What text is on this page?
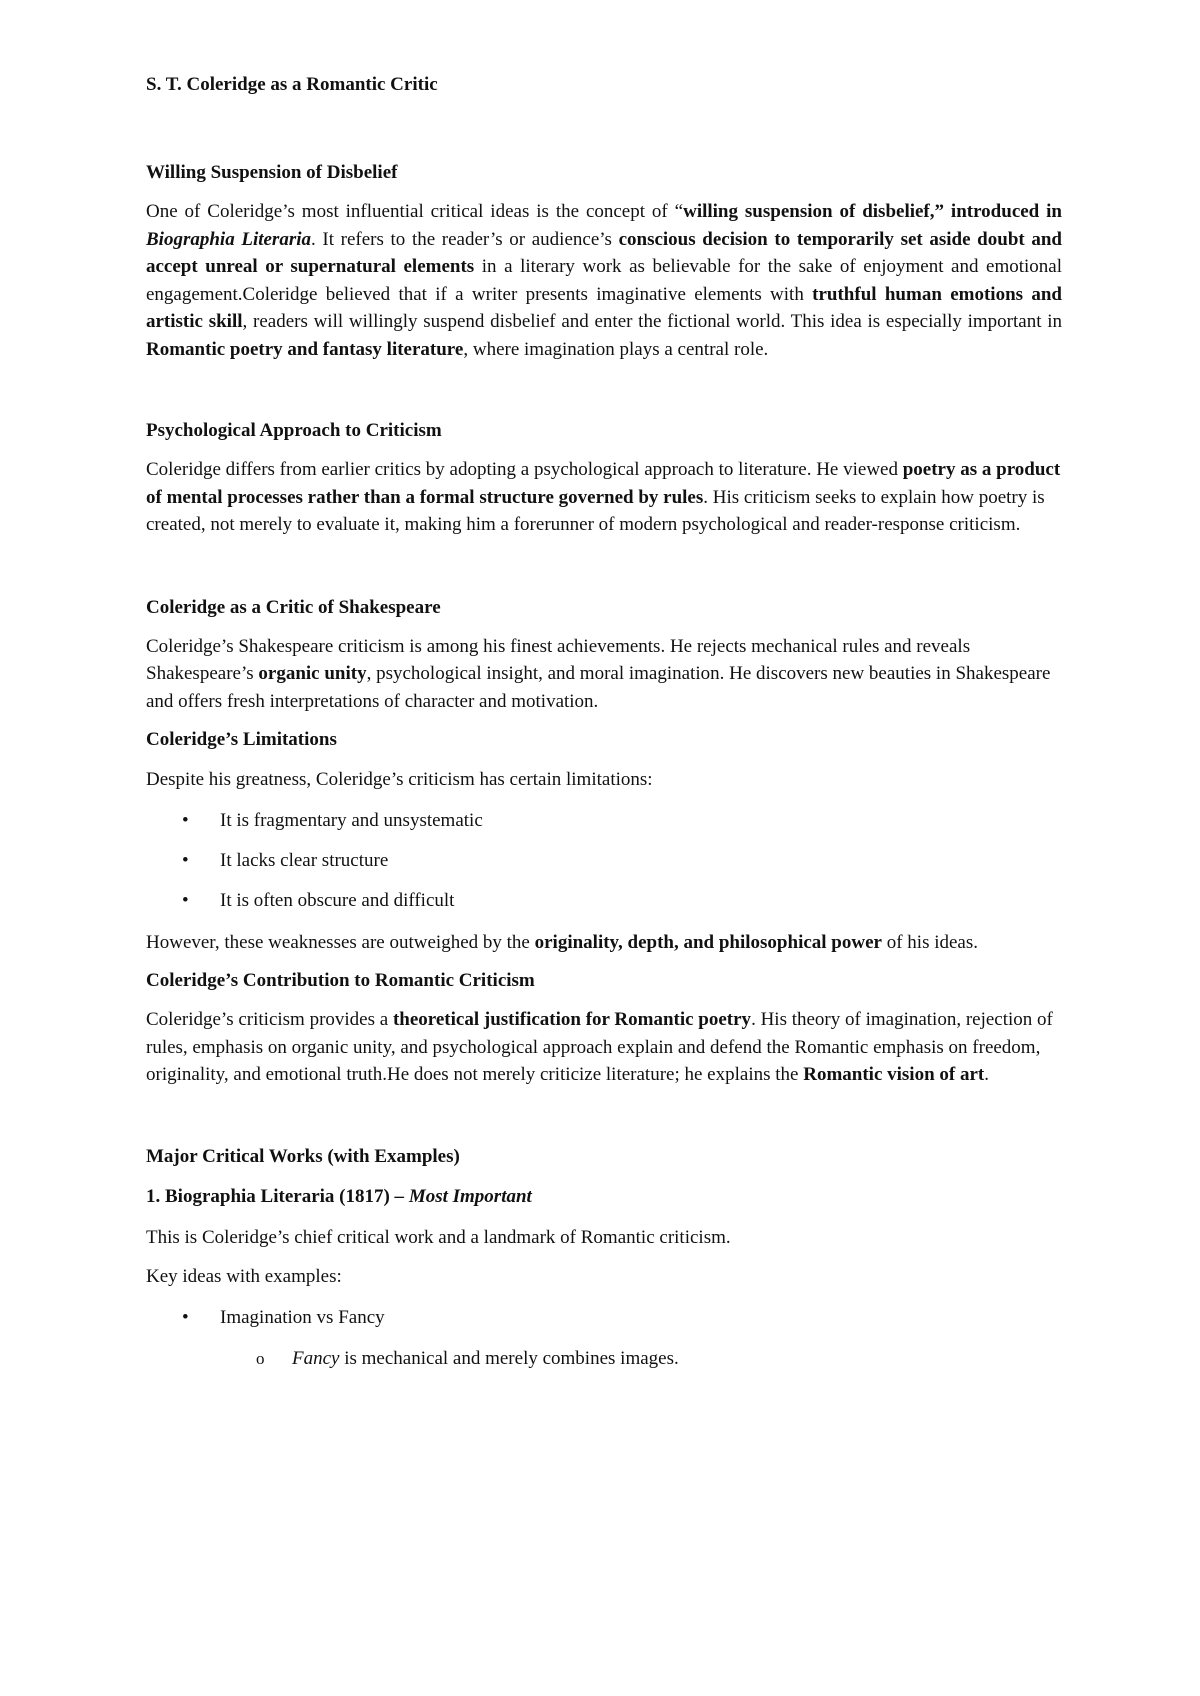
S. T. Coleridge as a Romantic Critic

Willing Suspension of Disbelief

One of Coleridge’s most influential critical ideas is the concept of “willing suspension of disbelief,” introduced in Biographia Literaria. It refers to the reader’s or audience’s conscious decision to temporarily set aside doubt and accept unreal or supernatural elements in a literary work as believable for the sake of enjoyment and emotional engagement.Coleridge believed that if a writer presents imaginative elements with truthful human emotions and artistic skill, readers will willingly suspend disbelief and enter the fictional world. This idea is especially important in Romantic poetry and fantasy literature, where imagination plays a central role.

Psychological Approach to Criticism

Coleridge differs from earlier critics by adopting a psychological approach to literature. He viewed poetry as a product of mental processes rather than a formal structure governed by rules. His criticism seeks to explain how poetry is created, not merely to evaluate it, making him a forerunner of modern psychological and reader-response criticism.

Coleridge as a Critic of Shakespeare

Coleridge’s Shakespeare criticism is among his finest achievements. He rejects mechanical rules and reveals Shakespeare’s organic unity, psychological insight, and moral imagination. He discovers new beauties in Shakespeare and offers fresh interpretations of character and motivation.

Coleridge’s Limitations

Despite his greatness, Coleridge’s criticism has certain limitations:

• It is fragmentary and unsystematic
• It lacks clear structure
• It is often obscure and difficult

However, these weaknesses are outweighed by the originality, depth, and philosophical power of his ideas.

Coleridge’s Contribution to Romantic Criticism

Coleridge’s criticism provides a theoretical justification for Romantic poetry. His theory of imagination, rejection of rules, emphasis on organic unity, and psychological approach explain and defend the Romantic emphasis on freedom, originality, and emotional truth.He does not merely criticize literature; he explains the Romantic vision of art.

Major Critical Works (with Examples)

1. Biographia Literaria (1817) – Most Important

This is Coleridge’s chief critical work and a landmark of Romantic criticism.

Key ideas with examples:

• Imagination vs Fancy
o Fancy is mechanical and merely combines images.
